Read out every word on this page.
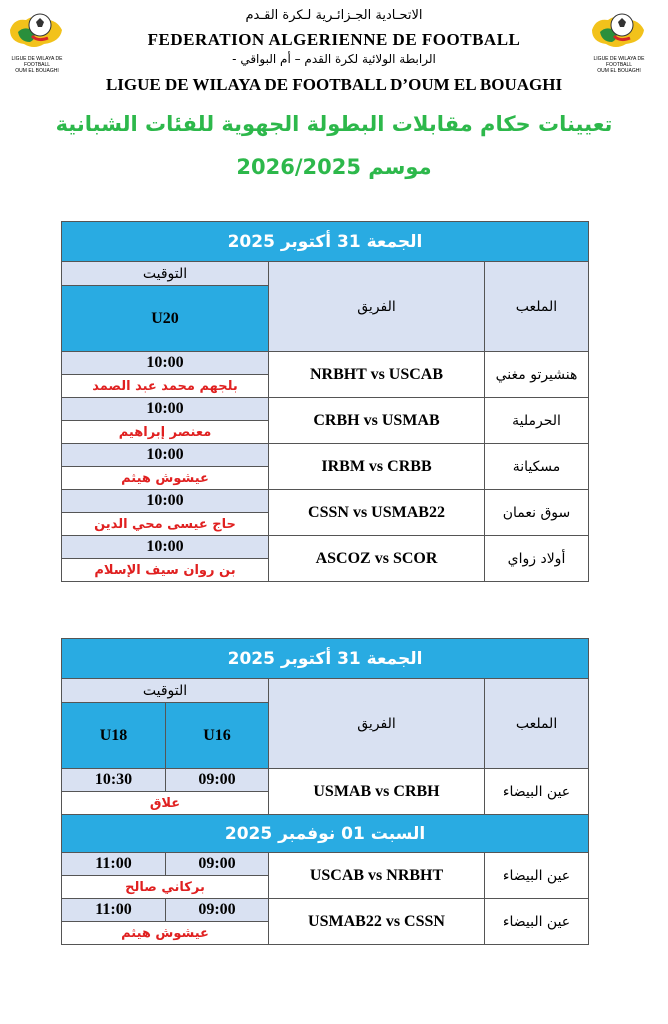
LIGUE DE WILAYA DE FOOTBALL
OUM EL BOUAGHI
LIGUE DE WILAYA DE FOOTBALL
OUM EL BOUAGHI
الاتحـادية الجـزائـرية لـكرة القـدم
FEDERATION ALGERIENNE DE FOOTBALL
الرابطة الولائية لكرة القدم – أم البواقي -
LIGUE DE WILAYA DE FOOTBALL D’OUM EL BOUAGHI
تعيينات حكام مقابلات البطولة الجهوية للفئات الشبانية
موسم 2026/2025
الجمعة 31 أكتوبر 2025		
التوقيت	الفريق	الملعب
U20		
10:00	NRBHT vs USCAB	هنشيرتو مغني
بلجهم محمد عبد الصمد		
10:00	CRBH vs USMAB	الحرملية
معنصر إبراهيم		
10:00	IRBM vs CRBB	مسكيانة
عيشوش هيثم		
10:00	CSSN vs USMAB22	سوق نعمان
حاج عيسى محي الدين		
10:00	ASCOZ vs SCOR	أولاد زواي
بن روان سيف الإسلام		
الجمعة 31 أكتوبر 2025			
التوقيت		الفريق	الملعب
U18	U16		
10:30	09:00	USMAB vs CRBH	عين البيضاء
علاق			
السبت 01 نوفمبر 2025			
11:00	09:00	USCAB vs NRBHT	عين البيضاء
بركاني صالح			
11:00	09:00	USMAB22 vs CSSN	عين البيضاء
عيشوش هيثم			
